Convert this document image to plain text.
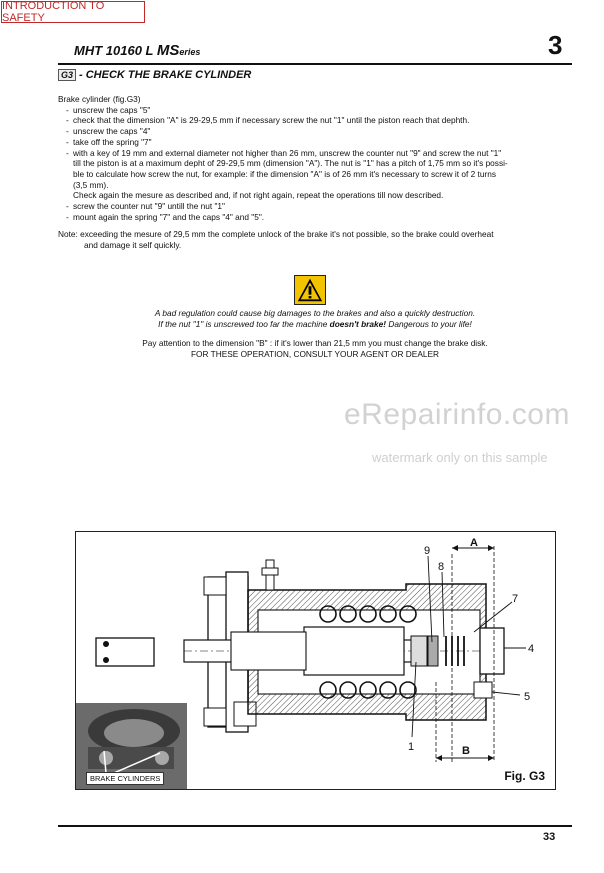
INTRODUCTION TO SAFETY
MHT 10160 L MSeries	3
G3 - CHECK THE BRAKE CYLINDER

Brake cylinder (fig.G3)

- unscrew the caps "5"
- check that the dimension "A" is 29-29,5 mm if necessary screw the nut "1" until the piston reach that dephth.
- unscrew the caps "4"
- take off the spring "7"
- with a key of 19 mm and external diameter not higher than 26 mm, unscrew the counter nut "9" and screw the nut "1"
till the piston is at a maximum depht of 29-29,5 mm (dimension "A"). The nut is "1" has a pitch of 1,75 mm so it's possi-
ble to calculate how screw the nut, for example: if the dimension "A" is of 26 mm it's necessary to screw it of 2 turns
(3,5 mm).
Check again the mesure as described and, if not right again, repeat the operations till now described.
- screw the counter nut "9" untill the nut "1"
- mount again the spring "7" and the caps "4" and "5".

Note: exceeding the mesure of 29,5 mm the complete unlock of the brake it's not possible, so the brake could overheat
and damage it self quickly.

A bad regulation could cause big damages to the brakes and also a quickly destruction.

If the nut "1" is unscrewed too far the machine doesn't brake! Dangerous to your life!

Pay attention to the dimension "B" : if it's lower than 21,5 mm you must change the brake disk.

FOR THESE OPERATION, CONSULT YOUR AGENT OR DEALER

eRepairinfo.com
watermark only on this sample
9
8
7
4
5
1
A
B
BRAKE CYLINDERS	Fig. G3
33
